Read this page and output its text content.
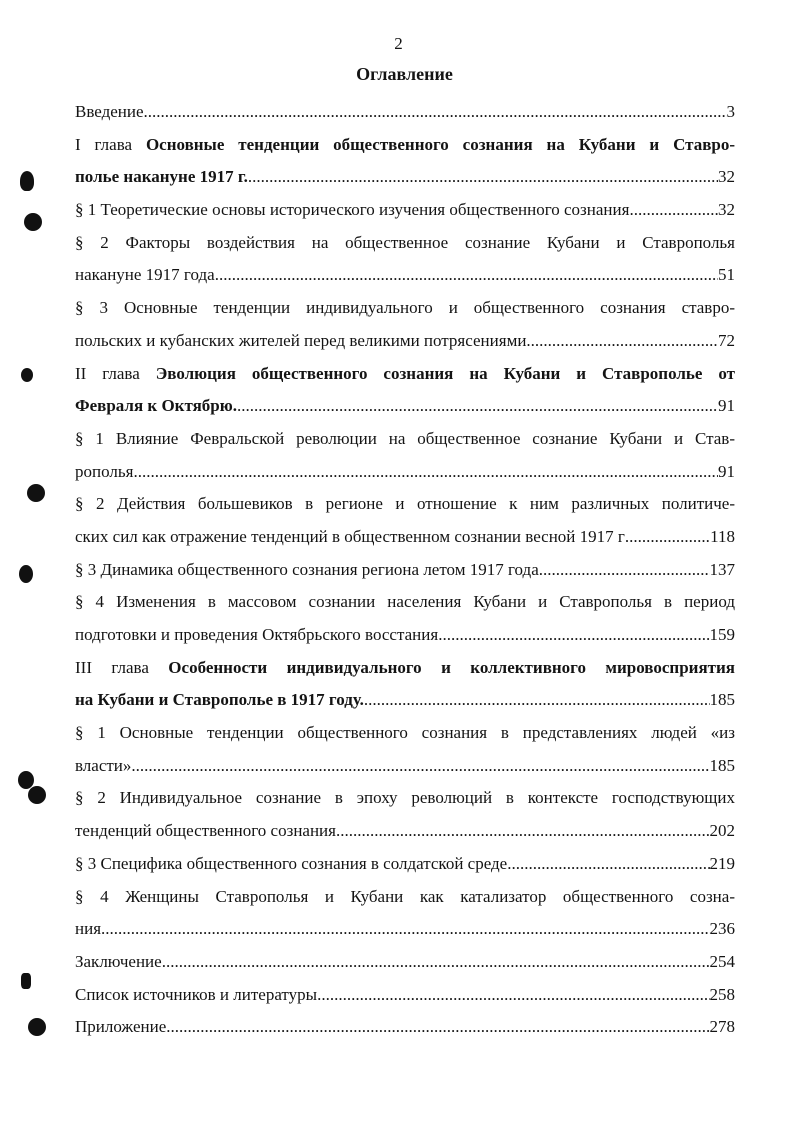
2
Оглавление
Введение .....	3
I глава Основные тенденции общественного сознания на Кубани и Ставро-
полье накануне 1917 г. .....	32
§ 1 Теоретические основы исторического изучения общественного сознания .....	32
§ 2 Факторы воздействия на общественное сознание Кубани и Ставрополья
накануне 1917 года .....	51
§ 3 Основные тенденции индивидуального и общественного сознания ставро-
польских и кубанских жителей перед великими потрясениями .....	72
II глава Эволюция общественного сознания на Кубани и Ставрополье от
Февраля к Октябрю. .....	91
§ 1 Влияние Февральской революции на общественное сознание Кубани и Став-
рополья .....	91
§ 2 Действия большевиков в регионе и отношение к ним различных политиче-
ских сил как отражение тенденций в общественном сознании весной 1917 г .....	118
§ 3 Динамика общественного сознания региона летом 1917 года .....	137
§ 4 Изменения в массовом сознании населения Кубани и Ставрополья в период
подготовки и проведения Октябрьского восстания .....	159
III глава Особенности индивидуального и коллективного мировосприятия
на Кубани и Ставрополье в 1917 году. .....	185
§ 1 Основные тенденции общественного сознания в представлениях людей «из
власти» .....	185
§ 2 Индивидуальное сознание в эпоху революций в контексте господствующих
тенденций общественного сознания .....	202
§ 3 Специфика общественного сознания в солдатской среде .....	219
§ 4 Женщины Ставрополья и Кубани как катализатор общественного созна-
ния .....	236
Заключение .....	254
Список источников и литературы .....	258
Приложение .....	278
